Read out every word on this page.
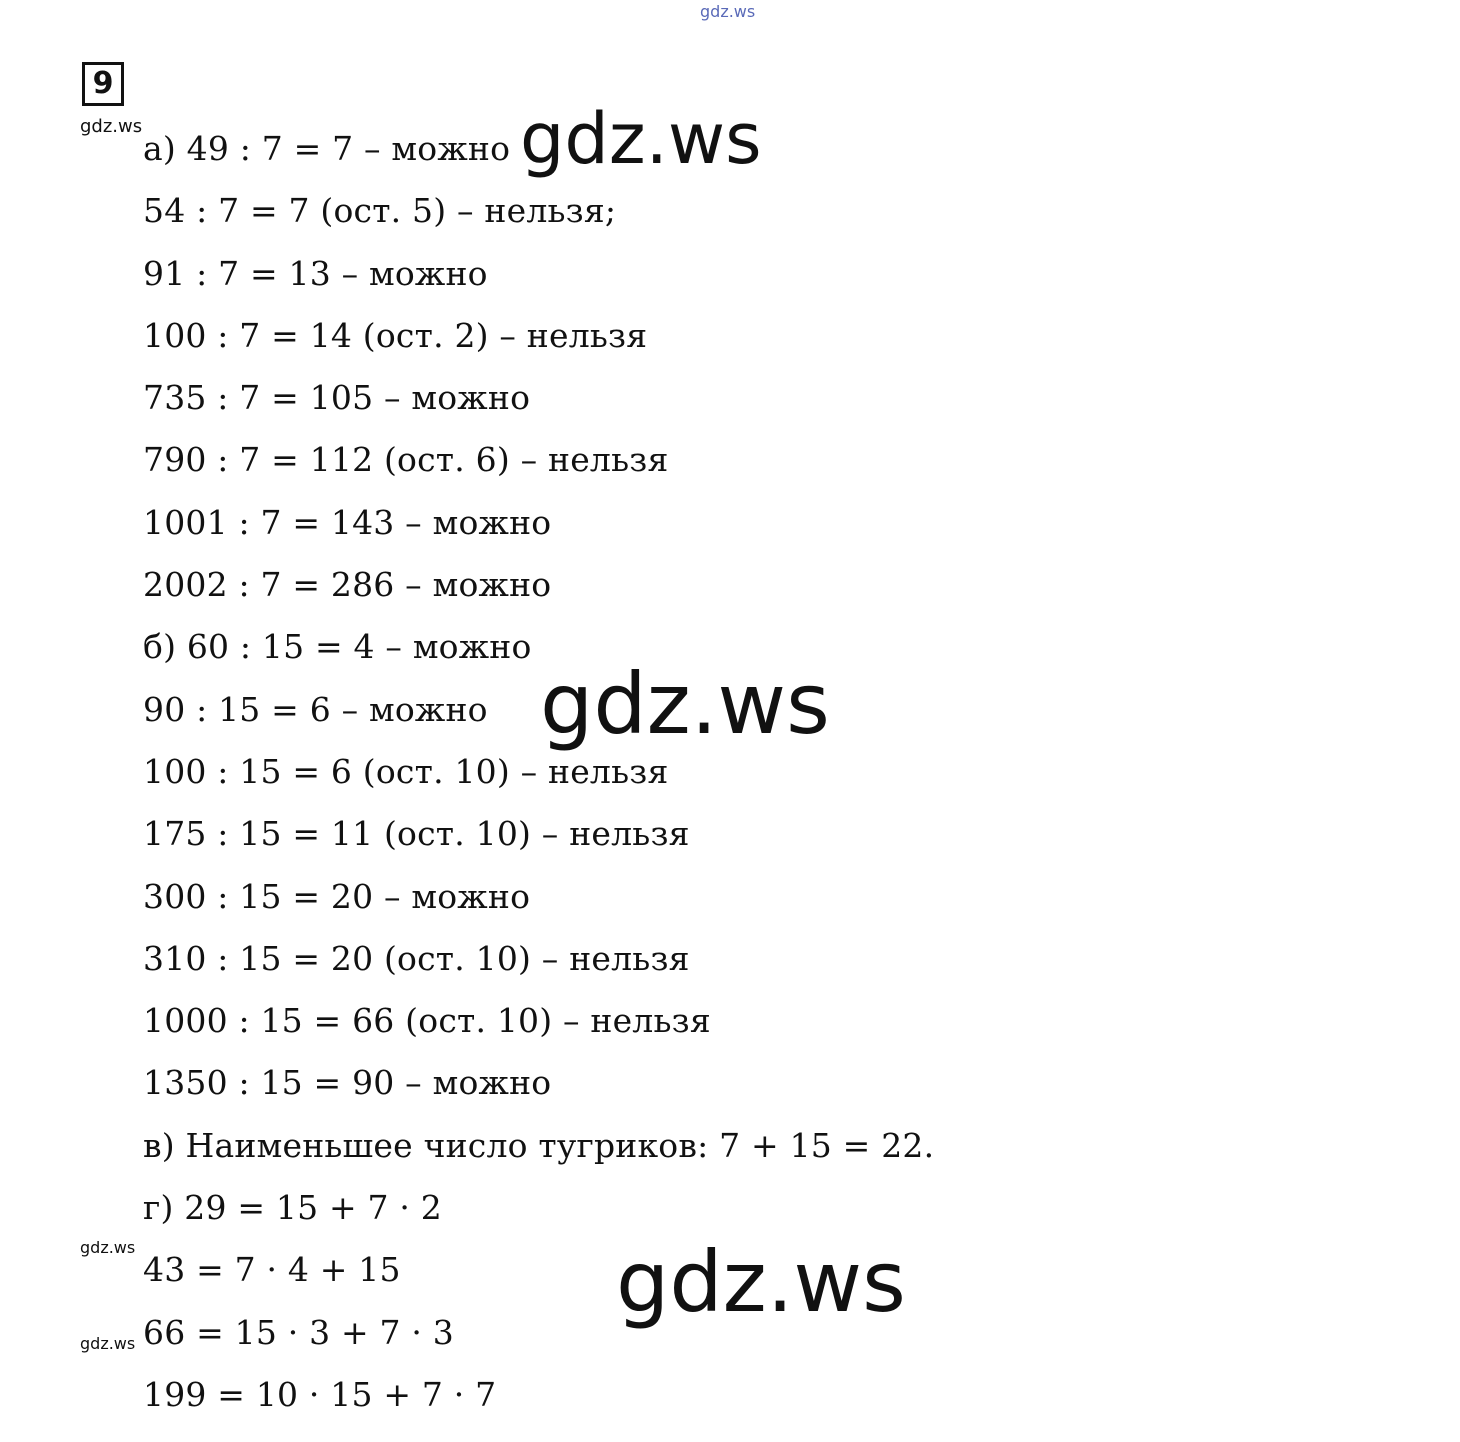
gdz.ws
9
gdz.ws
gdz.ws
gdz.ws
а) 49 : 7 = 7 – можно
54 : 7 = 7 (ост. 5) – нельзя;
91 : 7 = 13 – можно
100 : 7 = 14 (ост. 2) – нельзя
735 : 7 = 105 – можно
790 : 7 = 112 (ост. 6) – нельзя
1001 : 7 = 143 – можно
2002 : 7 = 286 – можно
б) 60 : 15 = 4 – можно
90 : 15 = 6 – можно
100 : 15 = 6 (ост. 10) – нельзя
175 : 15 = 11 (ост. 10) – нельзя
300 : 15 = 20 – можно
310 : 15 = 20 (ост. 10) – нельзя
1000 : 15 = 66 (ост. 10) – нельзя
1350 : 15 = 90 – можно
в) Наименьшее число тугриков: 7 + 15 = 22.
г) 29 = 15 + 7 · 2
43 = 7 · 4 + 15
66 = 15 · 3 + 7 · 3
199 = 10 · 15 + 7 · 7
gdz.ws
gdz.ws
gdz.ws
